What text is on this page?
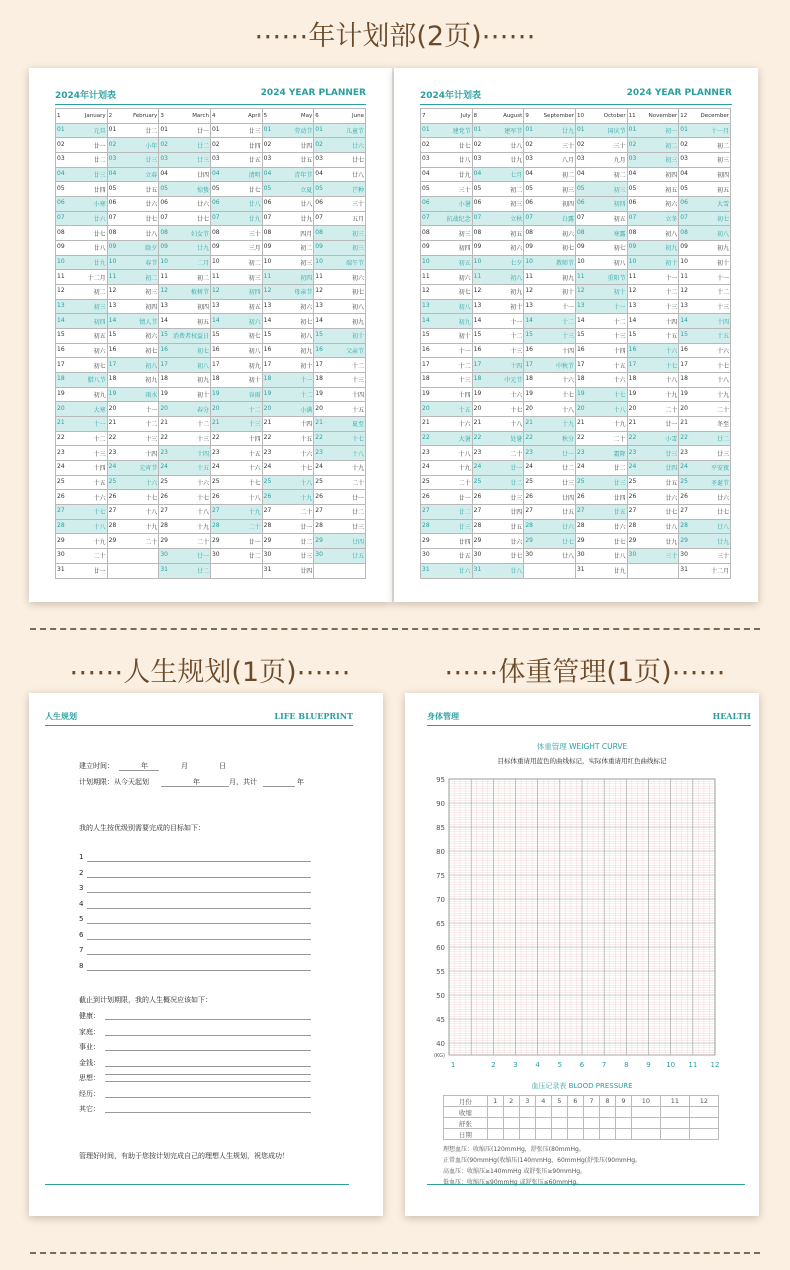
⋯⋯年计划部(2页)⋯⋯
2024年计划表	2024 YEAR PLANNER
1 January	2 February	3 March	4 April	5 May	6 June

01 元旦	01 廿二	01 廿一	01 廿三	01 劳动节	01 儿童节

02 廿一	02 小年	02 廿二	02 廿四	02 廿四	02 廿六

03 廿二	03 廿三	03 廿三	03 廿五	03 廿五	03 廿七

04 廿三	04 立春	04 廿四	04 清明	04 青年节	04 廿八

05 廿四	05 廿五	05 惊蛰	05 廿七	05 立夏	05 芒种

06 小寒	06 廿六	06 廿六	06 廿八	06 廿八	06 三十

07 廿六	07 廿七	07 廿七	07 廿九	07 廿九	07 五月

08 廿七	08 廿八	08 妇女节	08 三十	08 四月	08 初三

09 廿八	09 除夕	09 廿九	09 三月	09 初二	09 初三

10 廿九	10 春节	10 二月	10 初二	10 初三	10 端午节

11 十二月	11 初二	11 初二	11 初三	11 初四	11 初六

12 初二	12 初三	12 植树节	12 初四	12 母亲节	12 初七

13 初三	13 初四	13 初四	13 初五	13 初六	13 初八

14 初四	14 情人节	14 初五	14 初六	14 初七	14 初九

15 初五	15 初六	15 消费者权益日	15 初七	15 初八	15 初十

16 初六	16 初七	16 初七	16 初八	16 初九	16 父亲节

17 初七	17 初八	17 初八	17 初九	17 初十	17 十二

18 腊八节	18 初九	18 初九	18 初十	18 十一	18 十三

19 初九	19 雨水	19 初十	19 谷雨	19 十二	19 十四

20 大寒	20 十一	20 春分	20 十二	20 小满	20 十五

21 十一	21 十二	21 十二	21 十三	21 十四	21 夏至

22 十二	22 十三	22 十三	22 十四	22 十五	22 十七

23 十三	23 十四	23 十四	23 十五	23 十六	23 十八

24 十四	24 元宵节	24 十五	24 十六	24 十七	24 十九

25 十五	25 十六	25 十六	25 十七	25 十八	25 二十

26 十六	26 十七	26 十七	26 十八	26 十九	26 廿一

27 十七	27 十八	27 十八	27 十九	27 二十	27 廿二

28 十八	28 十九	28 十九	28 二十	28 廿一	28 廿三

29 十九	29 二十	29 二十	29 廿一	29 廿二	29 廿四

30 二十		30 廿一	30 廿二	30 廿三	30 廿五

31 廿一		31 廿二		31 廿四	

2024年计划表	2024 YEAR PLANNER
7 July	8 August	9 September	10 October	11 November	12 December

01 建党节	01 建军节	01 廿九	01 国庆节	01 初一	01 十一月

02 廿七	02 廿八	02 三十	02 三十	02 初二	02 初二

03 廿八	03 廿九	03 八月	03 九月	03 初三	03 初三

04 廿九	04 七月	04 初二	04 初二	04 初四	04 初四

05 三十	05 初二	05 初三	05 初三	05 初五	05 初五

06 小暑	06 初三	06 初四	06 初四	06 初六	06 大雪

07 抗战纪念	07 立秋	07 白露	07 初五	07 立冬	07 初七

08 初三	08 初五	08 初六	08 寒露	08 初八	08 初八

09 初四	09 初六	09 初七	09 初七	09 初九	09 初九

10 初五	10 七夕	10 教师节	10 初八	10 初十	10 初十

11 初六	11 初八	11 初九	11 重阳节	11 十一	11 十一

12 初七	12 初九	12 初十	12 初十	12 十二	12 十二

13 初八	13 初十	13 十一	13 十一	13 十三	13 十三

14 初九	14 十一	14 十二	14 十二	14 十四	14 十四

15 初十	15 十二	15 十三	15 十三	15 十五	15 十五

16 十一	16 十三	16 十四	16 十四	16 十六	16 十六

17 十二	17 十四	17 中秋节	17 十五	17 十七	17 十七

18 十三	18 中元节	18 十六	18 十六	18 十八	18 十八

19 十四	19 十六	19 十七	19 十七	19 十九	19 十九

20 十五	20 十七	20 十八	20 十八	20 二十	20 二十

21 十六	21 十八	21 十九	21 十九	21 廿一	21 冬至

22 大暑	22 处暑	22 秋分	22 二十	22 小雪	22 廿二

23 十八	23 二十	23 廿一	23 霜降	23 廿三	23 廿三

24 十九	24 廿一	24 廿二	24 廿二	24 廿四	24 平安夜

25 二十	25 廿二	25 廿三	25 廿三	25 廿五	25 圣诞节

26 廿一	26 廿三	26 廿四	26 廿四	26 廿六	26 廿六

27 廿二	27 廿四	27 廿五	27 廿五	27 廿七	27 廿七

28 廿三	28 廿五	28 廿六	28 廿六	28 廿八	28 廿八

29 廿四	29 廿六	29 廿七	29 廿七	29 廿九	29 廿九

30 廿五	30 廿七	30 廿八	30 廿八	30 三十	30 三十

31 廿六	31 廿八		31 廿九		31 十二月
⋯⋯人生规划(1页)⋯⋯	⋯⋯体重管理(1页)⋯⋯
人生规划	LIFE BLUEPRINT
建立时间：	年	月	日
计划期限：从今天起划	年	月，共计	年
我的人生按优级别需要完成的目标如下：
1
2
3
4
5
6
7
8
截止到计划期限，我的人生概况应该如下：
健康：
家庭：
事业：
金钱：
思想：
经历：
其它：
管理好时间，有助于您按计划完成自己的理想人生规划，祝您成功！
身体管理	HEALTH
体重管理 WEIGHT CURVE
目标体重请用蓝色的曲线标记，实际体重请用红色曲线标记
40
45
50
55
60
65
70
75
80
85
90
95
1	2	3	4	5	6	7	8	9 10 11 12
(KG)
血压记录表 BLOOD PRESSURE
月份	1	2	3	4	5	6	7	8	9	10	11	12
收缩												
舒张												
日期												
理想血压：收缩压(120mmHg，舒张压(80mmHg。
正常血压(90mmHg(收缩压(140mmHg，60mmHg(舒张压(90mmHg。
高血压：收缩压≥140mmHg 或舒张压≥90mmHg。
低血压：收缩压≤90mmHg 或舒张压≤60mmHg。
